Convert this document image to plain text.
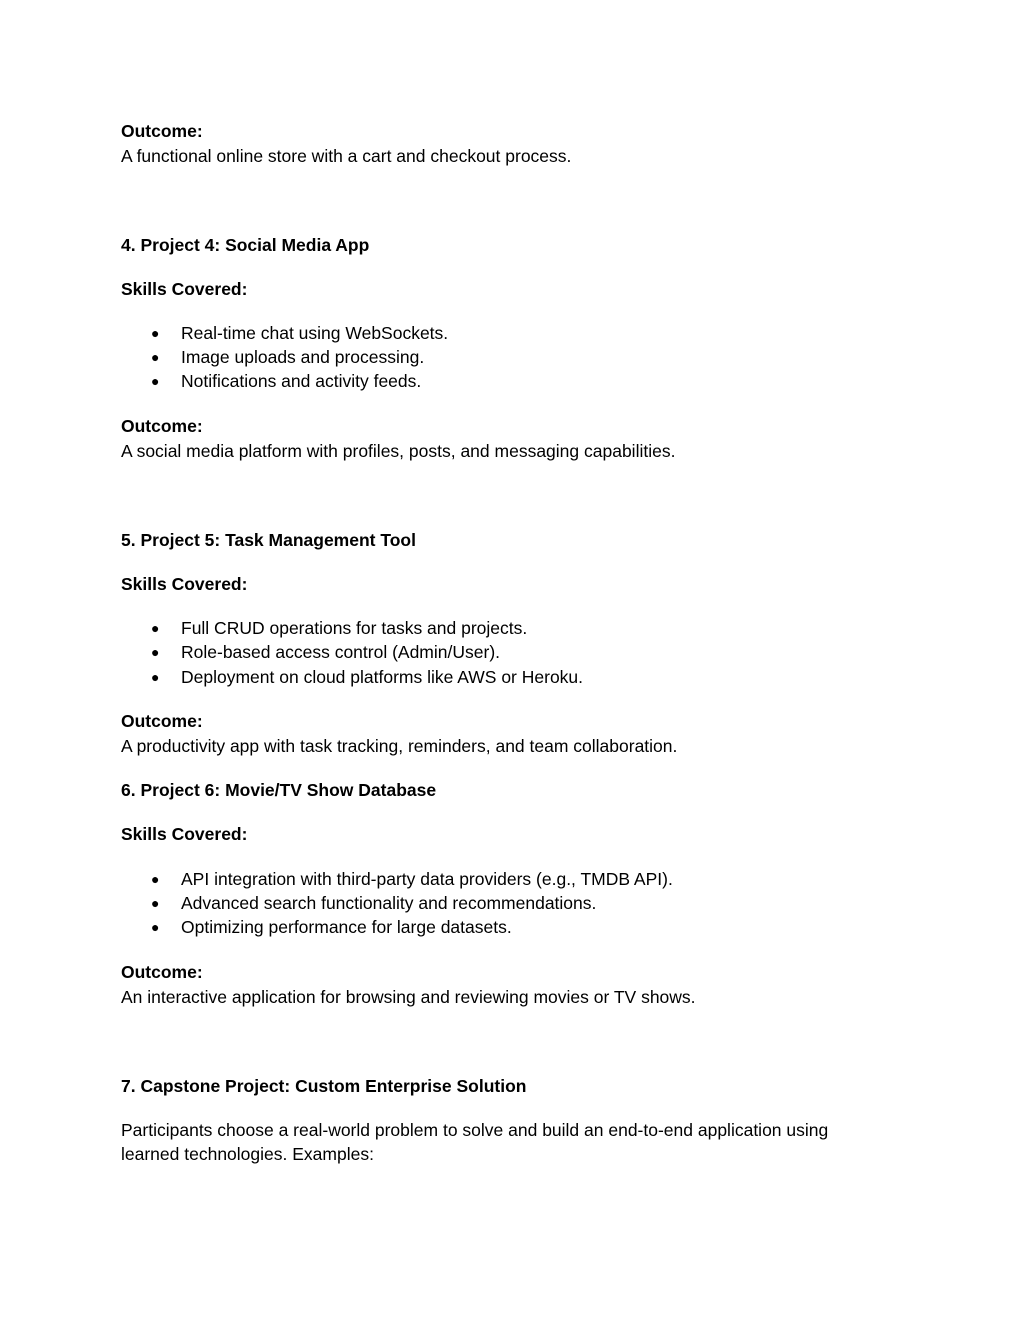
Outcome:
A functional online store with a cart and checkout process.
4. Project 4: Social Media App
Skills Covered:
● Real-time chat using WebSockets.
● Image uploads and processing.
● Notifications and activity feeds.
Outcome:
A social media platform with profiles, posts, and messaging capabilities.
5. Project 5: Task Management Tool
Skills Covered:
● Full CRUD operations for tasks and projects.
● Role-based access control (Admin/User).
● Deployment on cloud platforms like AWS or Heroku.
Outcome:
A productivity app with task tracking, reminders, and team collaboration.
6. Project 6: Movie/TV Show Database
Skills Covered:
● API integration with third-party data providers (e.g., TMDB API).
● Advanced search functionality and recommendations.
● Optimizing performance for large datasets.
Outcome:
An interactive application for browsing and reviewing movies or TV shows.
7. Capstone Project: Custom Enterprise Solution
Participants choose a real-world problem to solve and build an end-to-end application using
learned technologies. Examples:
